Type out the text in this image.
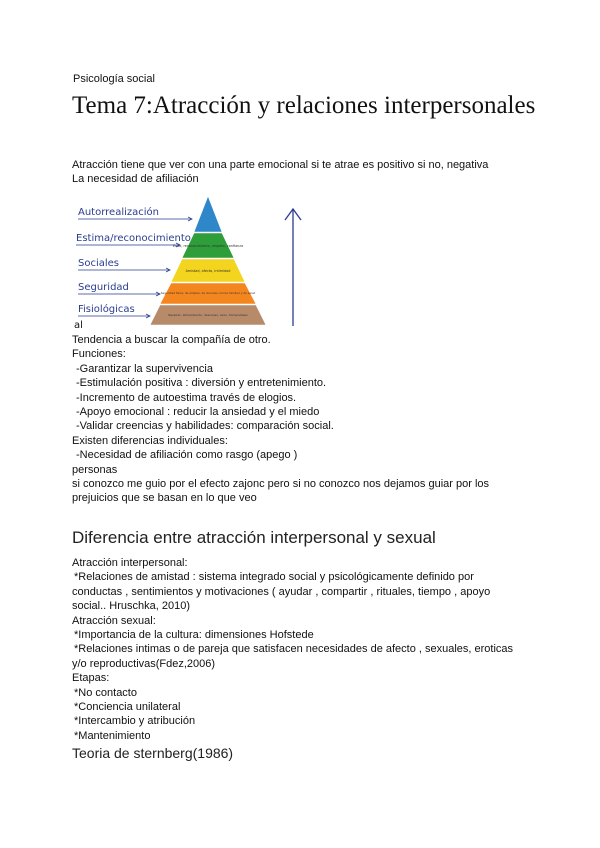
Psicología social
Tema 7:Atracción y relaciones interpersonales
Atracción tiene que ver con una parte emocional si te atrae es positivo si no, negativa
La necesidad de afiliación
Éxito, reconocimiento, respeto, confianza
Amistad, afecto, intimidad
Seguridad física, de empleo, de recursos, moral, familiar y de salud
Respirar, alimentación, descanso, sexo, homeostasis
Autorrealización
Estima/reconocimiento
Sociales
Seguridad
Fisiológicas
al
Tendencia a buscar la compañía de otro.
Funciones:
-Garantizar la supervivencia
-Estimulación positiva : diversión y entretenimiento.
-Incremento de autoestima través de elogios.
-Apoyo emocional : reducir la ansiedad y el miedo
-Validar creencias y habilidades: comparación social.
Existen diferencias individuales:
-Necesidad de afiliación como rasgo (apego )
personas
si conozco me guio por el efecto zajonc pero si no conozco nos dejamos guiar por los
prejuicios que se basan en lo que veo
Diferencia entre atracción interpersonal y sexual
Atracción interpersonal:
*Relaciones de amistad : sistema integrado social y psicológicamente definido por
conductas , sentimientos y motivaciones ( ayudar , compartir , rituales, tiempo , apoyo
social.. Hruschka, 2010)
Atracción sexual:
*Importancia de la cultura: dimensiones Hofstede
*Relaciones intimas o de pareja que satisfacen necesidades de afecto , sexuales, eroticas
y/o reproductivas(Fdez,2006)
Etapas:
*No contacto
*Conciencia unilateral
*Intercambio y atribución
*Mantenimiento
Teoria de sternberg(1986)
